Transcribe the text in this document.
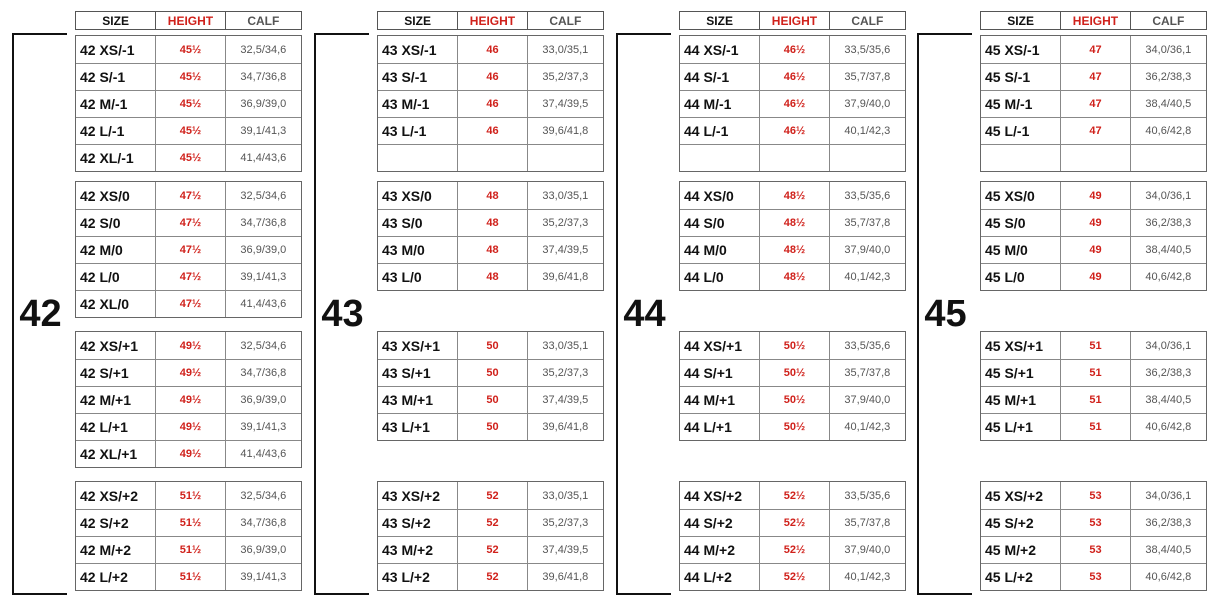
SIZE	HEIGHT	CALF
42
42 XS/-1	45½	32,5/34,6
42 S/-1	45½	34,7/36,8
42 M/-1	45½	36,9/39,0
42 L/-1	45½	39,1/41,3
42 XL/-1	45½	41,4/43,6
42 XS/0	47½	32,5/34,6
42 S/0	47½	34,7/36,8
42 M/0	47½	36,9/39,0
42 L/0	47½	39,1/41,3
42 XL/0	47½	41,4/43,6
42 XS/+1	49½	32,5/34,6
42 S/+1	49½	34,7/36,8
42 M/+1	49½	36,9/39,0
42 L/+1	49½	39,1/41,3
42 XL/+1	49½	41,4/43,6
42 XS/+2	51½	32,5/34,6
42 S/+2	51½	34,7/36,8
42 M/+2	51½	36,9/39,0
42 L/+2	51½	39,1/41,3
SIZE	HEIGHT	CALF
43
43 XS/-1	46	33,0/35,1
43 S/-1	46	35,2/37,3
43 M/-1	46	37,4/39,5
43 L/-1	46	39,6/41,8
43 XS/0	48	33,0/35,1
43 S/0	48	35,2/37,3
43 M/0	48	37,4/39,5
43 L/0	48	39,6/41,8
43 XS/+1	50	33,0/35,1
43 S/+1	50	35,2/37,3
43 M/+1	50	37,4/39,5
43 L/+1	50	39,6/41,8
43 XS/+2	52	33,0/35,1
43 S/+2	52	35,2/37,3
43 M/+2	52	37,4/39,5
43 L/+2	52	39,6/41,8
SIZE	HEIGHT	CALF
44
44 XS/-1	46½	33,5/35,6
44 S/-1	46½	35,7/37,8
44 M/-1	46½	37,9/40,0
44 L/-1	46½	40,1/42,3
44 XS/0	48½	33,5/35,6
44 S/0	48½	35,7/37,8
44 M/0	48½	37,9/40,0
44 L/0	48½	40,1/42,3
44 XS/+1	50½	33,5/35,6
44 S/+1	50½	35,7/37,8
44 M/+1	50½	37,9/40,0
44 L/+1	50½	40,1/42,3
44 XS/+2	52½	33,5/35,6
44 S/+2	52½	35,7/37,8
44 M/+2	52½	37,9/40,0
44 L/+2	52½	40,1/42,3
SIZE	HEIGHT	CALF
45
45 XS/-1	47	34,0/36,1
45 S/-1	47	36,2/38,3
45 M/-1	47	38,4/40,5
45 L/-1	47	40,6/42,8
45 XS/0	49	34,0/36,1
45 S/0	49	36,2/38,3
45 M/0	49	38,4/40,5
45 L/0	49	40,6/42,8
45 XS/+1	51	34,0/36,1
45 S/+1	51	36,2/38,3
45 M/+1	51	38,4/40,5
45 L/+1	51	40,6/42,8
45 XS/+2	53	34,0/36,1
45 S/+2	53	36,2/38,3
45 M/+2	53	38,4/40,5
45 L/+2	53	40,6/42,8
